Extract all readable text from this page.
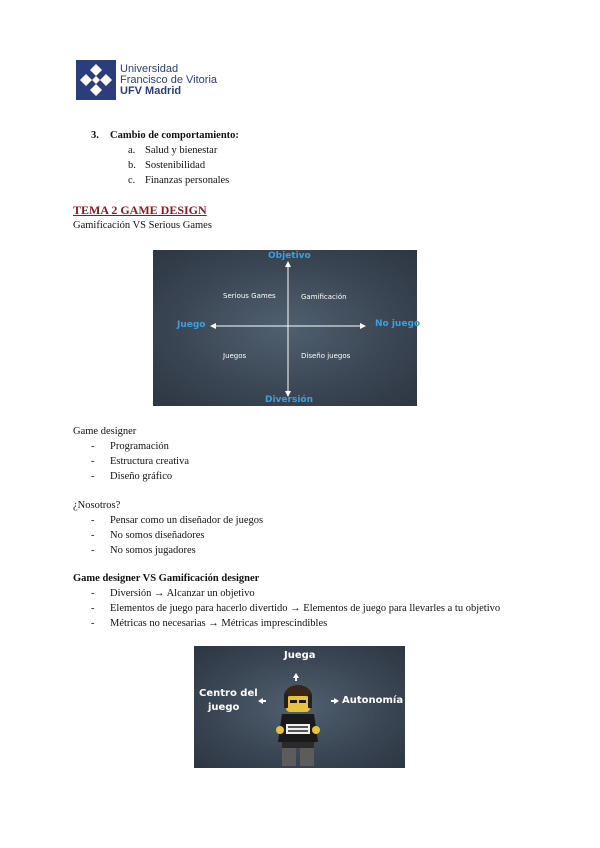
Universidad
Francisco de Vitoria
UFV Madrid
3. Cambio de comportamiento:
a. Salud y bienestar
b. Sostenibilidad
c. Finanzas personales
TEMA 2 GAME DESIGN
Gamificación VS Serious Games
Objetivo
Diversión
Juego	No juego
Serious Games	Gamificación
Juegos	Diseño juegos
Game designer
- Programación
- Estructura creativa
- Diseño gráfico
¿Nosotros?
- Pensar como un diseñador de juegos
- No somos diseñadores
- No somos jugadores
Game designer VS Gamificación designer
- Diversión → Alcanzar un objetivo
- Elementos de juego para hacerlo divertido → Elementos de juego para llevarles a tu objetivo
- Métricas no necesarias → Métricas imprescindibles
Juega
Centro del
juego
Autonomía
